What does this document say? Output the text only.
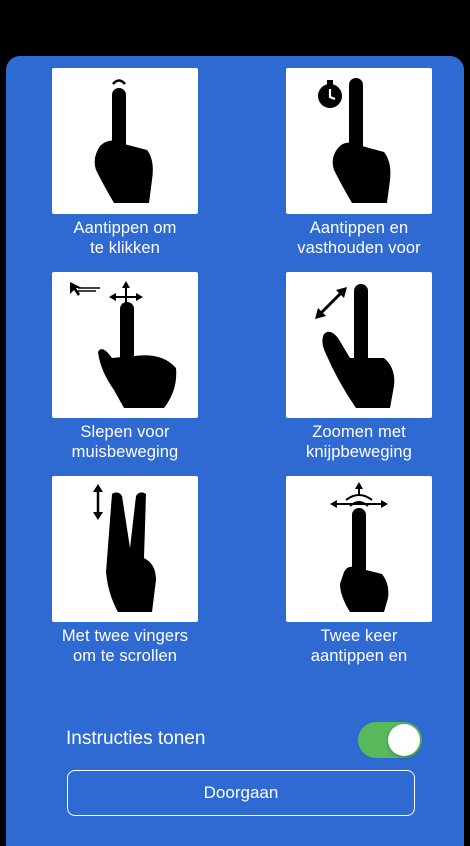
Aantippen om
te klikken
Aantippen en
vasthouden voor
Slepen voor
muisbeweging
Zoomen met
knijpbeweging
Met twee vingers
om te scrollen
Twee keer
aantippen en
Instructies tonen
Doorgaan
